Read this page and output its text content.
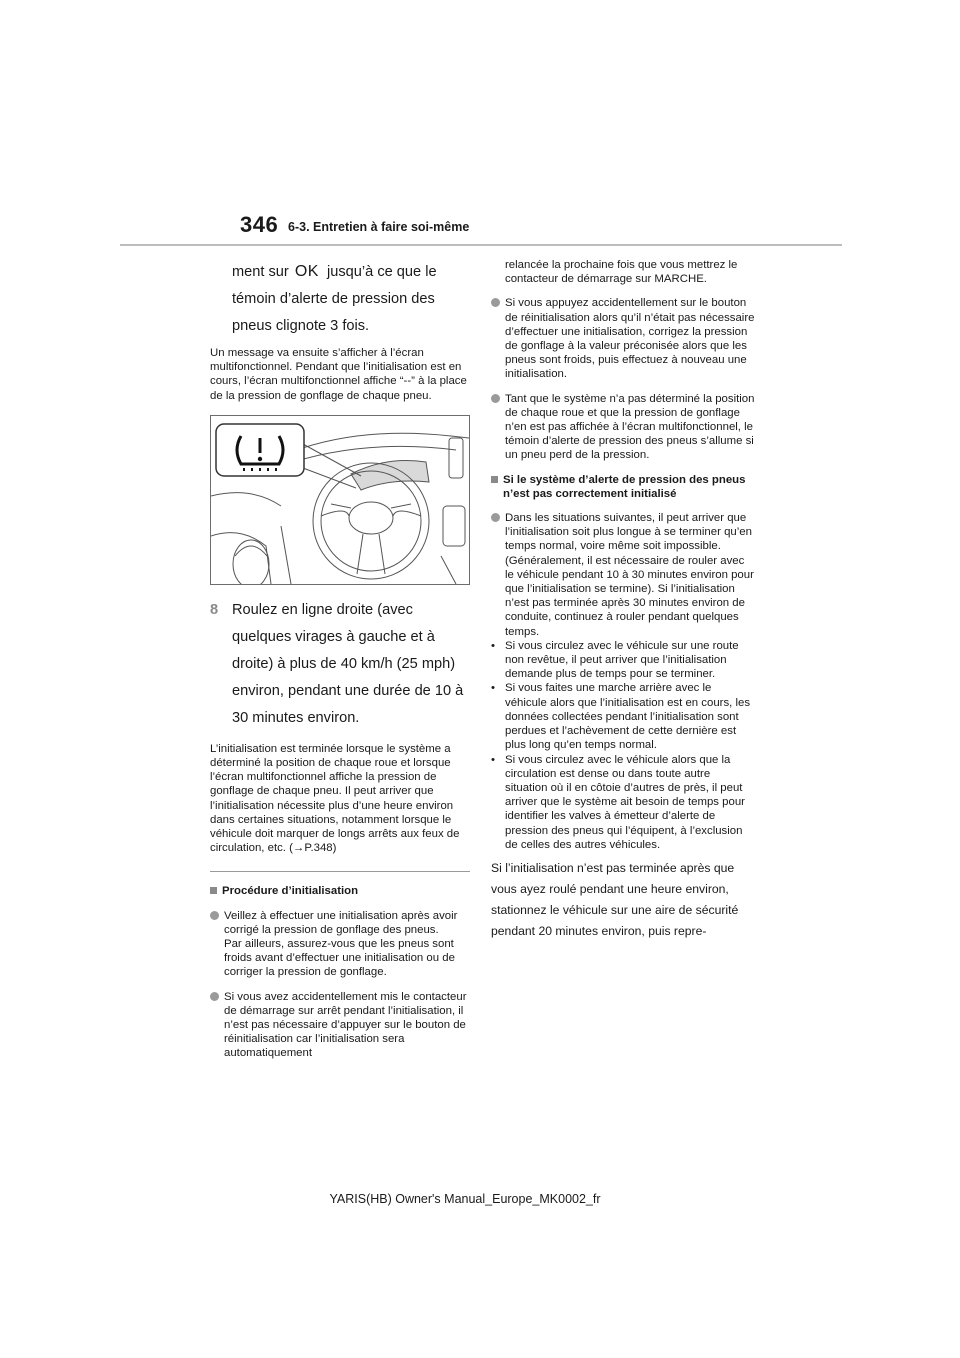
346 6-3. Entretien à faire soi-même

ment sur OK jusqu’à ce que le

témoin d’alerte de pression des

pneus clignote 3 fois.

Un message va ensuite s’afficher à l’écran multifonctionnel. Pendant que l’initialisation est en cours, l’écran multifonctionnel affiche “--” à la place de la pression de gonflage de chaque pneu.

8 Roulez en ligne droite (avec quelques virages à gauche et à droite) à plus de 40 km/h (25 mph) environ, pendant une durée de 10 à 30 minutes environ.

L’initialisation est terminée lorsque le système a déterminé la position de chaque roue et lorsque l’écran multifonctionnel affiche la pression de gonflage de chaque pneu. Il peut arriver que l’initialisation nécessite plus d’une heure environ dans certaines situations, notamment lorsque le véhicule doit marquer de longs arrêts aux feux de circulation, etc. (→P.348)

Procédure d’initialisation
Veillez à effectuer une initialisation après avoir corrigé la pression de gonflage des pneus.
Par ailleurs, assurez-vous que les pneus sont froids avant d’effectuer une initialisation ou de corriger la pression de gonflage.
Si vous avez accidentellement mis le contacteur de démarrage sur arrêt pendant l’initialisation, il n’est pas nécessaire d’appuyer sur le bouton de réinitialisation car l’initialisation sera automatiquement

relancée la prochaine fois que vous mettrez le contacteur de démarrage sur MARCHE.

Si vous appuyez accidentellement sur le bouton de réinitialisation alors qu’il n’était pas nécessaire d’effectuer une initialisation, corrigez la pression de gonflage à la valeur préconisée alors que les pneus sont froids, puis effectuez à nouveau une initialisation.
Tant que le système n’a pas déterminé la position de chaque roue et que la pression de gonflage n’en est pas affichée à l’écran multifonctionnel, le témoin d’alerte de pression des pneus s’allume si un pneu perd de la pression.
Si le système d’alerte de pression des pneus n’est pas correctement initialisé
Dans les situations suivantes, il peut arriver que l’initialisation soit plus longue à se terminer qu’en temps normal, voire même soit impossible. (Généralement, il est nécessaire de rouler avec le véhicule pendant 10 à 30 minutes environ pour que l’initialisation se termine). Si l’initialisation n’est pas terminée après 30 minutes environ de conduite, continuez à rouler pendant quelques temps.
• Si vous circulez avec le véhicule sur une route non revêtue, il peut arriver que l’initialisation demande plus de temps pour se terminer.
• Si vous faites une marche arrière avec le véhicule alors que l’initialisation est en cours, les données collectées pendant l’initialisation sont perdues et l’achèvement de cette dernière est plus long qu’en temps normal.
• Si vous circulez avec le véhicule alors que la circulation est dense ou dans toute autre situation où il en côtoie d’autres de près, il peut arriver que le système ait besoin de temps pour identifier les valves à émetteur d’alerte de pression des pneus qui l’équipent, à l’exclusion de celles des autres véhicules.

Si l’initialisation n’est pas terminée après que vous ayez roulé pendant une heure environ, stationnez le véhicule sur une aire de sécurité pendant 20 minutes environ, puis repre-

YARIS(HB) Owner's Manual_Europe_MK0002_fr
